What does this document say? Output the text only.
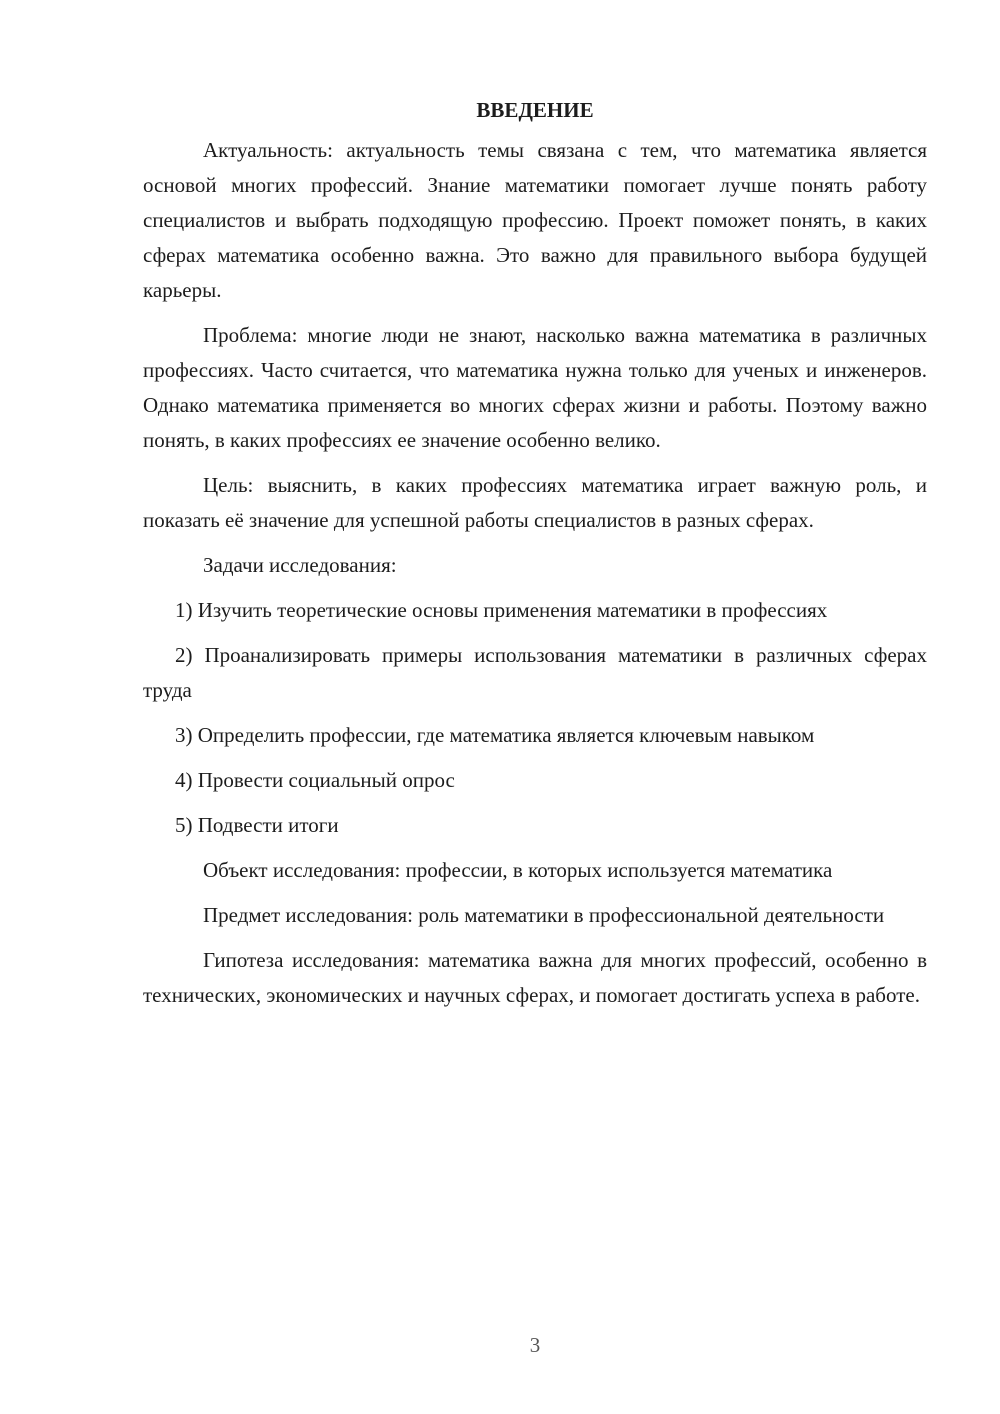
ВВЕДЕНИЕ

Актуальность: актуальность темы связана с тем, что математика является основой многих профессий. Знание математики помогает лучше понять работу специалистов и выбрать подходящую профессию. Проект поможет понять, в каких сферах математика особенно важна. Это важно для правильного выбора будущей карьеры.

Проблема: многие люди не знают, насколько важна математика в различных профессиях. Часто считается, что математика нужна только для ученых и инженеров. Однако математика применяется во многих сферах жизни и работы. Поэтому важно понять, в каких профессиях ее значение особенно велико.

Цель: выяснить, в каких профессиях математика играет важную роль, и показать её значение для успешной работы специалистов в разных сферах.

Задачи исследования:

1) Изучить теоретические основы применения математики в профессиях

2) Проанализировать примеры использования математики в различных сферах труда

3) Определить профессии, где математика является ключевым навыком

4) Провести социальный опрос

5) Подвести итоги

Объект исследования: профессии, в которых используется математика

Предмет исследования: роль математики в профессиональной деятельности

Гипотеза исследования: математика важна для многих профессий, особенно в технических, экономических и научных сферах, и помогает достигать успеха в работе.

3
